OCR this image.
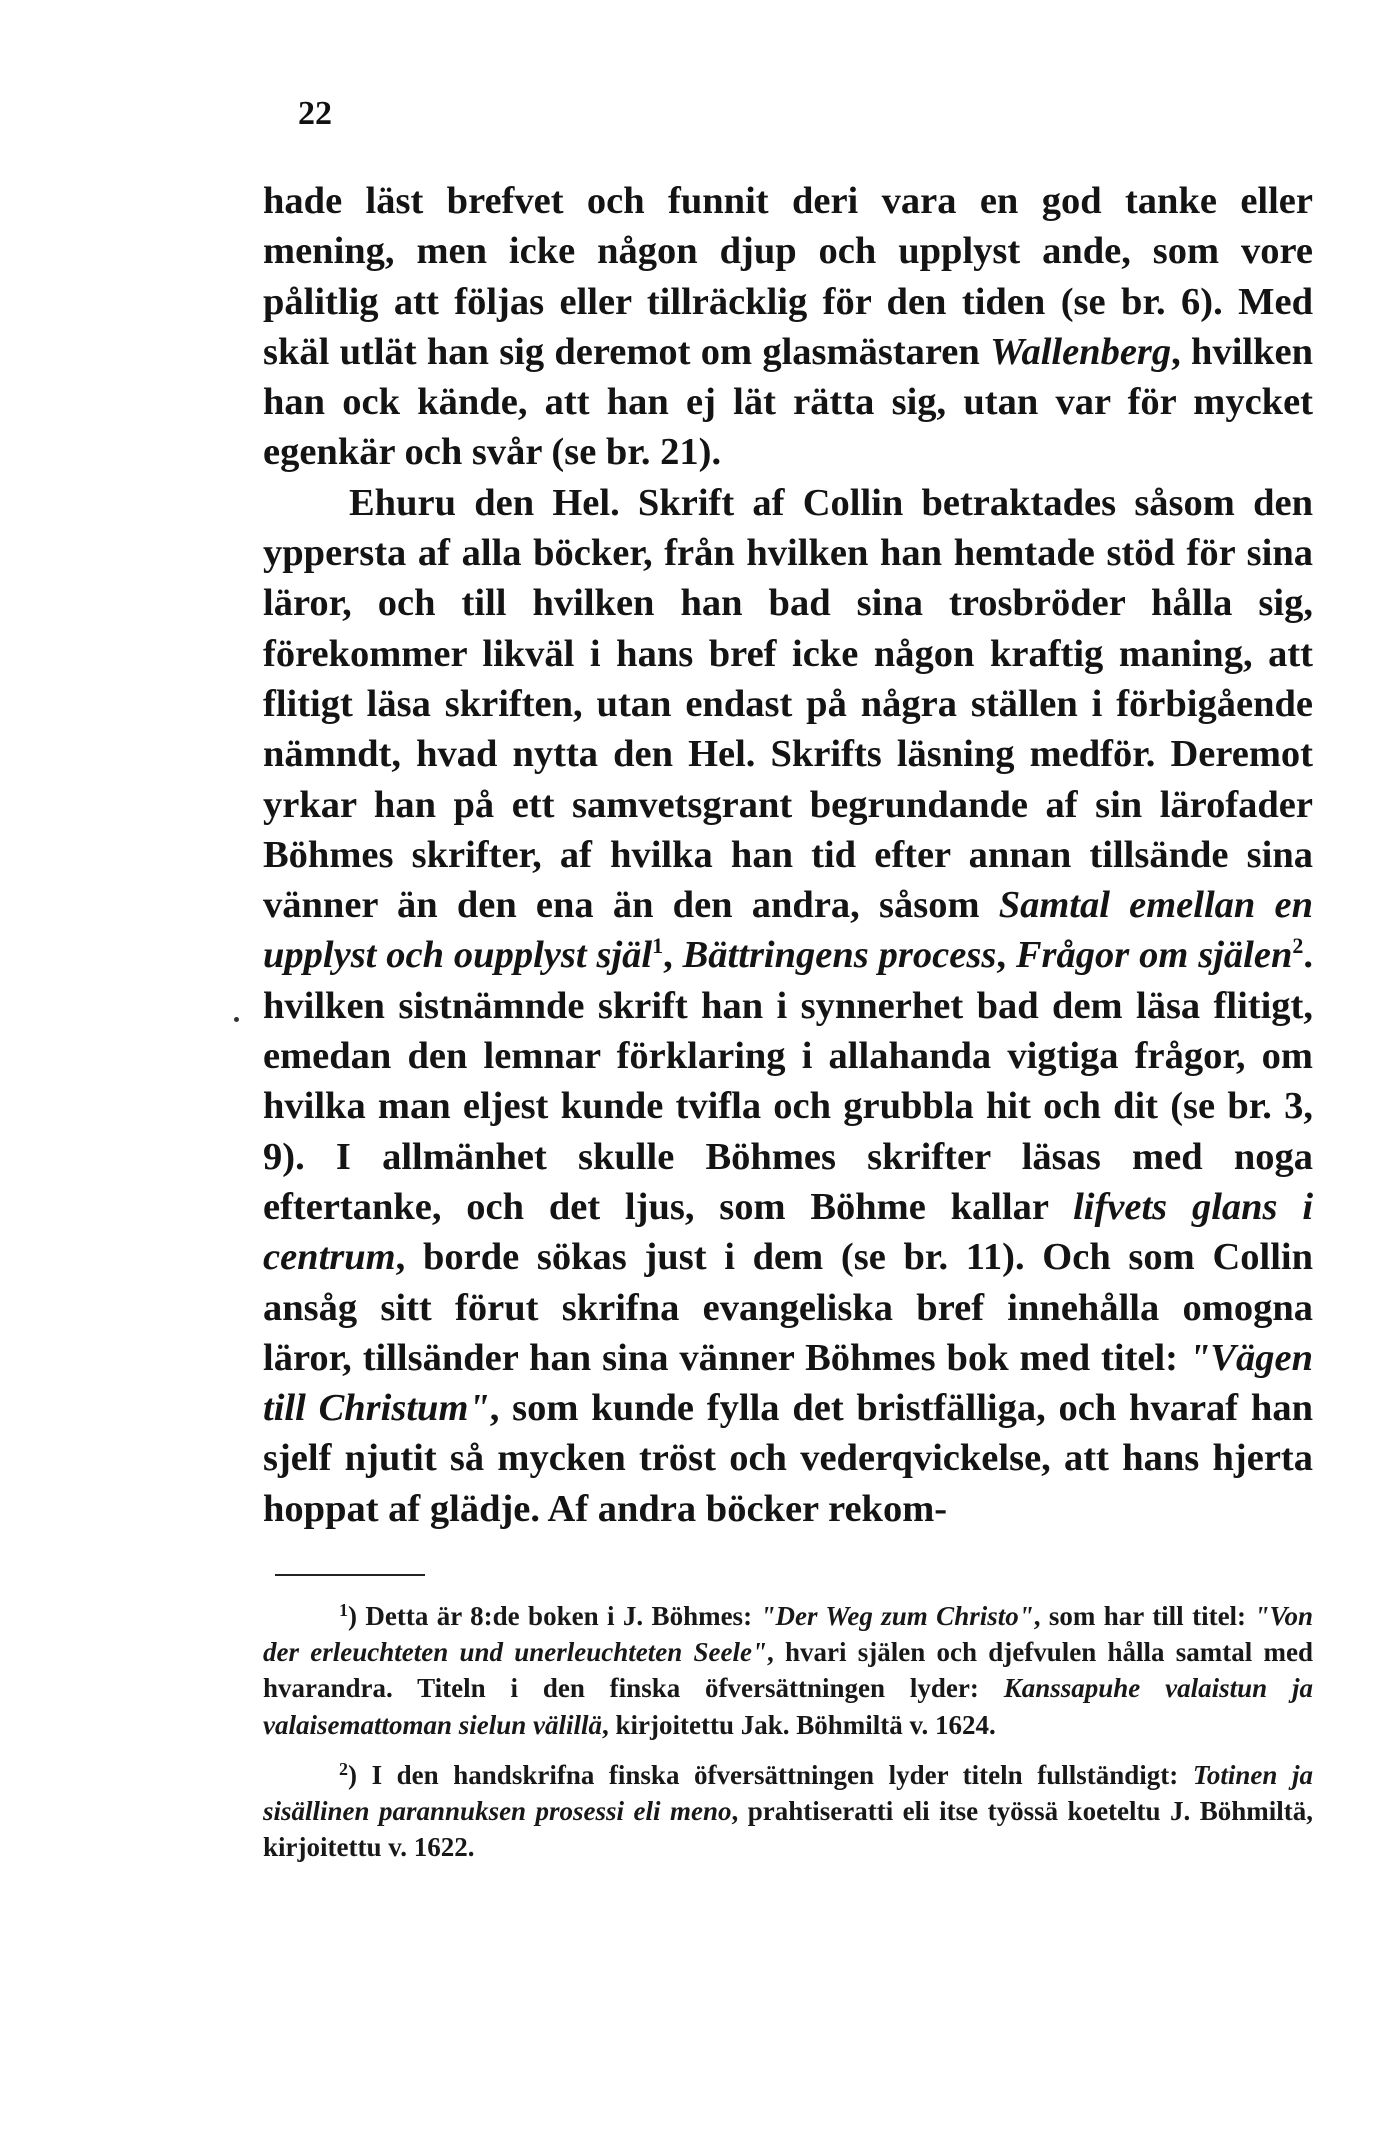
22

hade läst brefvet och funnit deri vara en god tanke eller mening, men icke någon djup och upplyst ande, som vore pålitlig att följas eller tillräcklig för den tiden (se br. 6). Med skäl utlät han sig deremot om glasmästaren Wallenberg, hvilken han ock kände, att han ej lät rätta sig, utan var för mycket egenkär och svår (se br. 21).

Ehuru den Hel. Skrift af Collin betraktades såsom den yppersta af alla böcker, från hvilken han hemtade stöd för sina läror, och till hvilken han bad sina trosbröder hålla sig, förekommer likväl i hans bref icke någon kraftig maning, att flitigt läsa skriften, utan endast på några ställen i förbigående nämndt, hvad nytta den Hel. Skrifts läsning medför. Deremot yrkar han på ett samvetsgrant begrundande af sin lärofader Böhmes skrifter, af hvilka han tid efter annan tillsände sina vänner än den ena än den andra, såsom Samtal emellan en upplyst och oupplyst själ$^1$, Bättringens process, Frågor om själen$^2$. hvilken sistnämnde skrift han i synnerhet bad dem läsa flitigt, emedan den lemnar förklaring i allahanda vigtiga frågor, om hvilka man eljest kunde tvifla och grubbla hit och dit (se br. 3, 9). I allmänhet skulle Böhmes skrifter läsas med noga eftertanke, och det ljus, som Böhme kallar lifvets glans i centrum, borde sökas just i dem (se br. 11). Och som Collin ansåg sitt förut skrifna evangeliska bref innehålla omogna läror, tillsänder han sina vänner Böhmes bok med titel: "Vägen till Christum", som kunde fylla det bristfälliga, och hvaraf han sjelf njutit så mycken tröst och vederqvickelse, att hans hjerta hoppat af glädje. Af andra böcker rekom-

$^1$) Detta är 8:de boken i J. Böhmes: "Der Weg zum Christo", som har till titel: "Von der erleuchteten und unerleuchteten Seele", hvari själen och djefvulen hålla samtal med hvarandra. Titeln i den finska öfversättningen lyder: Kanssapuhe valaistun ja valaisemattoman sielun välillä, kirjoitettu Jak. Böhmiltä v. 1624.

$^2$) I den handskrifna finska öfversättningen lyder titeln fullständigt: Totinen ja sisällinen parannuksen prosessi eli meno, prahtiseratti eli itse työssä koeteltu J. Böhmiltä, kirjoitettu v. 1622.
